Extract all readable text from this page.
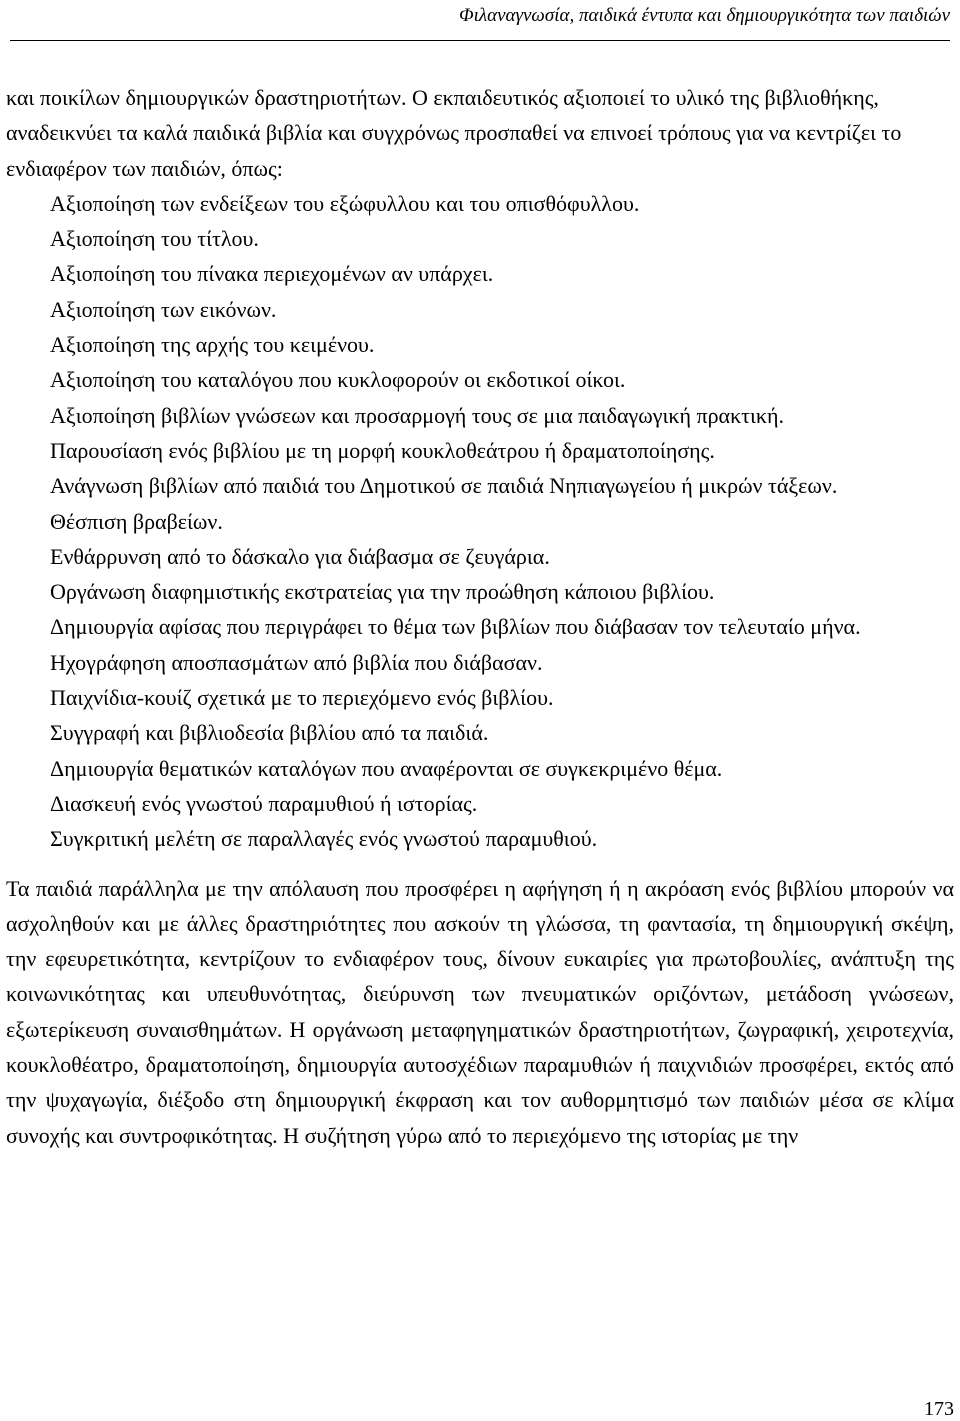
Φιλαναγνωσία, παιδικά έντυπα και δημιουργικότητα των παιδιών

και ποικίλων δημιουργικών δραστηριοτήτων. Ο εκπαιδευτικός αξιοποιεί το υλικό της βιβλιοθήκης, αναδεικνύει τα καλά παιδικά βιβλία και συγχρόνως προσπαθεί να επινοεί τρόπους για να κεντρίζει το ενδιαφέρον των παιδιών, όπως:

Αξιοποίηση των ενδείξεων του εξώφυλλου και του οπισθόφυλλου.
Αξιοποίηση του τίτλου.
Αξιοποίηση του πίνακα περιεχομένων αν υπάρχει.
Αξιοποίηση των εικόνων.
Αξιοποίηση της αρχής του κειμένου.
Αξιοποίηση του καταλόγου που κυκλοφορούν οι εκδοτικοί οίκοι.
Αξιοποίηση βιβλίων γνώσεων και προσαρμογή τους σε μια παιδαγωγική πρακτική.
Παρουσίαση ενός βιβλίου με τη μορφή κουκλοθεάτρου ή δραματοποίησης.
Ανάγνωση βιβλίων από παιδιά του Δημοτικού σε παιδιά Νηπιαγωγείου ή μικρών τάξεων.
Θέσπιση βραβείων.
Ενθάρρυνση από το δάσκαλο για διάβασμα σε ζευγάρια.
Οργάνωση διαφημιστικής εκστρατείας για την προώθηση κάποιου βιβλίου.
Δημιουργία αφίσας που περιγράφει το θέμα των βιβλίων που διάβασαν τον τελευταίο μήνα.
Ηχογράφηση αποσπασμάτων από βιβλία που διάβασαν.
Παιχνίδια-κουίζ σχετικά με το περιεχόμενο ενός βιβλίου.
Συγγραφή και βιβλιοδεσία βιβλίου από τα παιδιά.
Δημιουργία θεματικών καταλόγων που αναφέρονται σε συγκεκριμένο θέμα.
Διασκευή ενός γνωστού παραμυθιού ή ιστορίας.
Συγκριτική μελέτη σε παραλλαγές ενός γνωστού παραμυθιού.

Τα παιδιά παράλληλα με την απόλαυση που προσφέρει η αφήγηση ή η ακρόαση ενός βιβλίου μπορούν να ασχοληθούν και με άλλες δραστηριότητες που ασκούν τη γλώσσα, τη φαντασία, τη δημιουργική σκέψη, την εφευρετικότητα, κεντρίζουν το ενδιαφέρον τους, δίνουν ευκαιρίες για πρωτοβουλίες, ανάπτυξη της κοινωνικότητας και υπευθυνότητας, διεύρυνση των πνευματικών οριζόντων, μετάδοση γνώσεων, εξωτερίκευση συναισθημάτων. Η οργάνωση μεταφηγηματικών δραστηριοτήτων, ζωγραφική, χειροτεχνία, κουκλοθέατρο, δραματοποίηση, δημιουργία αυτοσχέδιων παραμυθιών ή παιχνιδιών προσφέρει, εκτός από την ψυχαγωγία, διέξοδο στη δημιουργική έκφραση και τον αυθορμητισμό των παιδιών μέσα σε κλίμα συνοχής και συντροφικότητας. Η συζήτηση γύρω από το περιεχόμενο της ιστορίας με την

173
